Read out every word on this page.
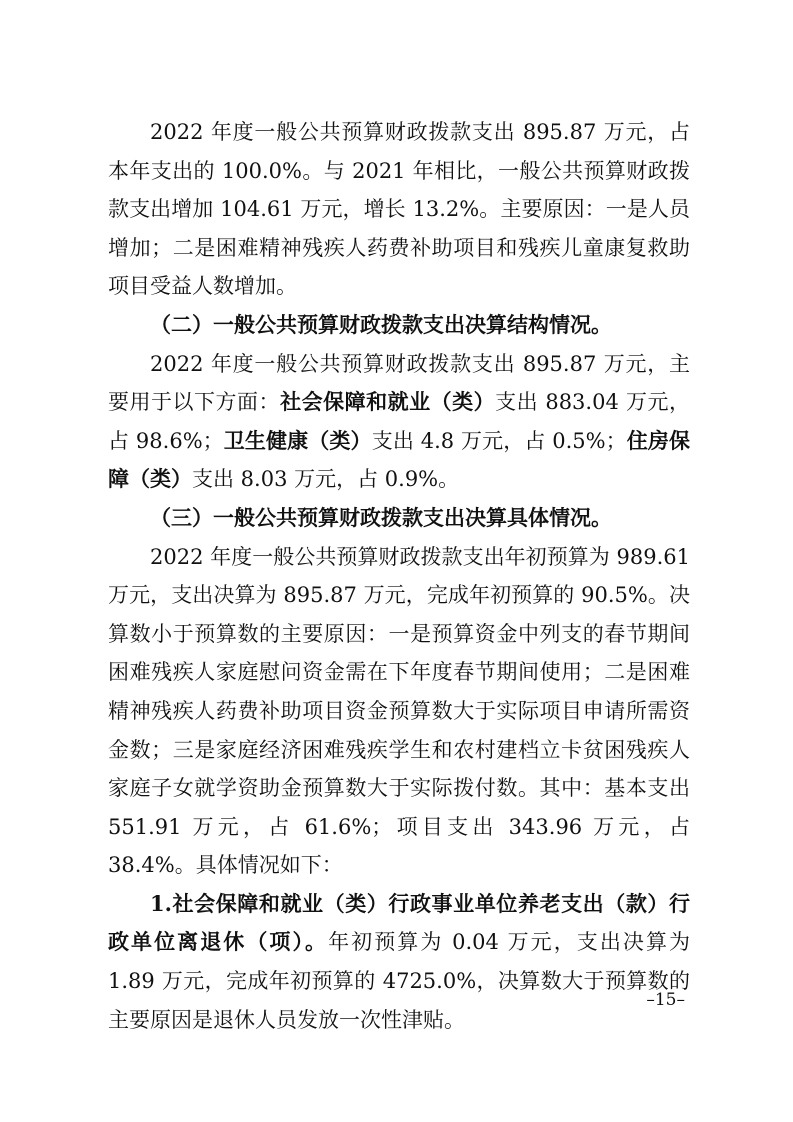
2022 年度一般公共预算财政拨款支出 895.87 万元，占本年支出的 100.0%。与 2021 年相比，一般公共预算财政拨款支出增加 104.61 万元，增长 13.2%。主要原因：一是人员增加；二是困难精神残疾人药费补助项目和残疾儿童康复救助项目受益人数增加。

（二）一般公共预算财政拨款支出决算结构情况。

2022 年度一般公共预算财政拨款支出 895.87 万元，主要用于以下方面：社会保障和就业（类）支出 883.04 万元，占 98.6%；卫生健康（类）支出 4.8 万元，占 0.5%；住房保障（类）支出 8.03 万元，占 0.9%。

（三）一般公共预算财政拨款支出决算具体情况。

2022 年度一般公共预算财政拨款支出年初预算为 989.61 万元，支出决算为 895.87 万元，完成年初预算的 90.5%。决算数小于预算数的主要原因：一是预算资金中列支的春节期间困难残疾人家庭慰问资金需在下年度春节期间使用；二是困难精神残疾人药费补助项目资金预算数大于实际项目申请所需资金数；三是家庭经济困难残疾学生和农村建档立卡贫困残疾人家庭子女就学资助金预算数大于实际拨付数。其中：基本支出 551.91 万元，占 61.6%；项目支出 343.96 万元，占 38.4%。具体情况如下：

1.社会保障和就业（类）行政事业单位养老支出（款）行政单位离退休（项）。年初预算为 0.04 万元，支出决算为 1.89 万元，完成年初预算的 4725.0%，决算数大于预算数的主要原因是退休人员发放一次性津贴。

–15–
